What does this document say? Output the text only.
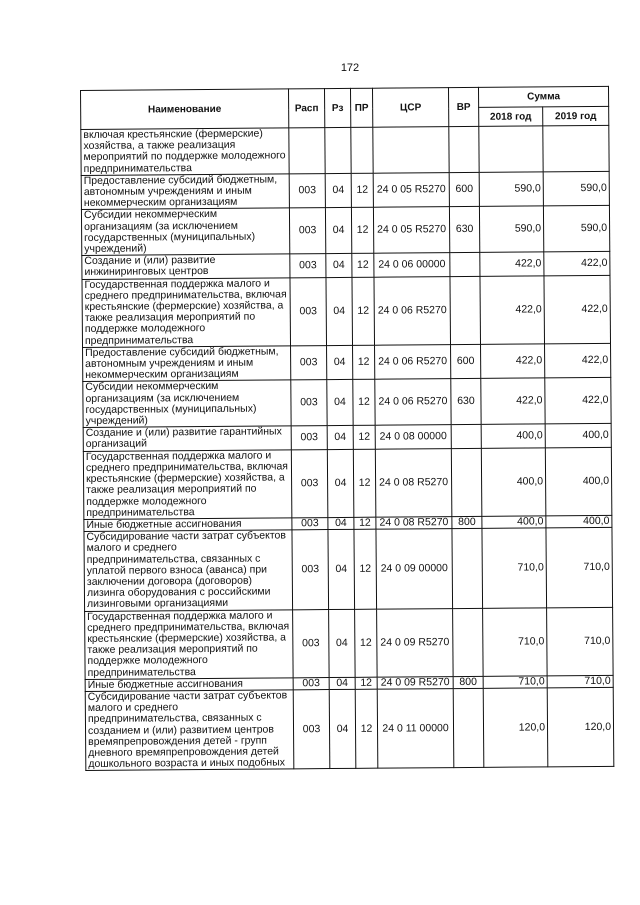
172
Наименование	Расп	Рз	ПР	ЦСР	ВР	Сумма	
						2018 год	2019 год
включая крестьянские (фермерские) хозяйства, а также реализация мероприятий по поддержке молодежного предпринимательства							
Предоставление субсидий бюджетным, автономным учреждениям и иным некоммерческим организациям	003	04	12	24 0 05 R5270	600	590,0	590,0
Субсидии некоммерческим организациям (за исключением государственных (муниципальных) учреждений)	003	04	12	24 0 05 R5270	630	590,0	590,0
Создание и (или) развитие инжиниринговых центров	003	04	12	24 0 06 00000		422,0	422,0
Государственная поддержка малого и среднего предпринимательства, включая крестьянские (фермерские) хозяйства, а также реализация мероприятий по поддержке молодежного предпринимательства	003	04	12	24 0 06 R5270		422,0	422,0
Предоставление субсидий бюджетным, автономным учреждениям и иным некоммерческим организациям	003	04	12	24 0 06 R5270	600	422,0	422,0
Субсидии некоммерческим организациям (за исключением государственных (муниципальных) учреждений)	003	04	12	24 0 06 R5270	630	422,0	422,0
Создание и (или) развитие гарантийных организаций	003	04	12	24 0 08 00000		400,0	400,0
Государственная поддержка малого и среднего предпринимательства, включая крестьянские (фермерские) хозяйства, а также реализация мероприятий по поддержке молодежного предпринимательства	003	04	12	24 0 08 R5270		400,0	400,0
Иные бюджетные ассигнования	003	04	12	24 0 08 R5270	800	400,0	400,0
Субсидирование части затрат субъектов малого и среднего предпринимательства, связанных с уплатой первого взноса (аванса) при заключении договора (договоров) лизинга оборудования с российскими лизинговыми организациями	003	04	12	24 0 09 00000		710,0	710,0
Государственная поддержка малого и среднего предпринимательства, включая крестьянские (фермерские) хозяйства, а также реализация мероприятий по поддержке молодежного предпринимательства	003	04	12	24 0 09 R5270		710,0	710,0
Иные бюджетные ассигнования	003	04	12	24 0 09 R5270	800	710,0	710,0
Субсидирование части затрат субъектов малого и среднего предпринимательства, связанных с созданием и (или) развитием центров времяпрепровождения детей - групп дневного времяпрепровождения детей дошкольного возраста и иных подобных	003	04	12	24 0 11 00000		120,0	120,0
